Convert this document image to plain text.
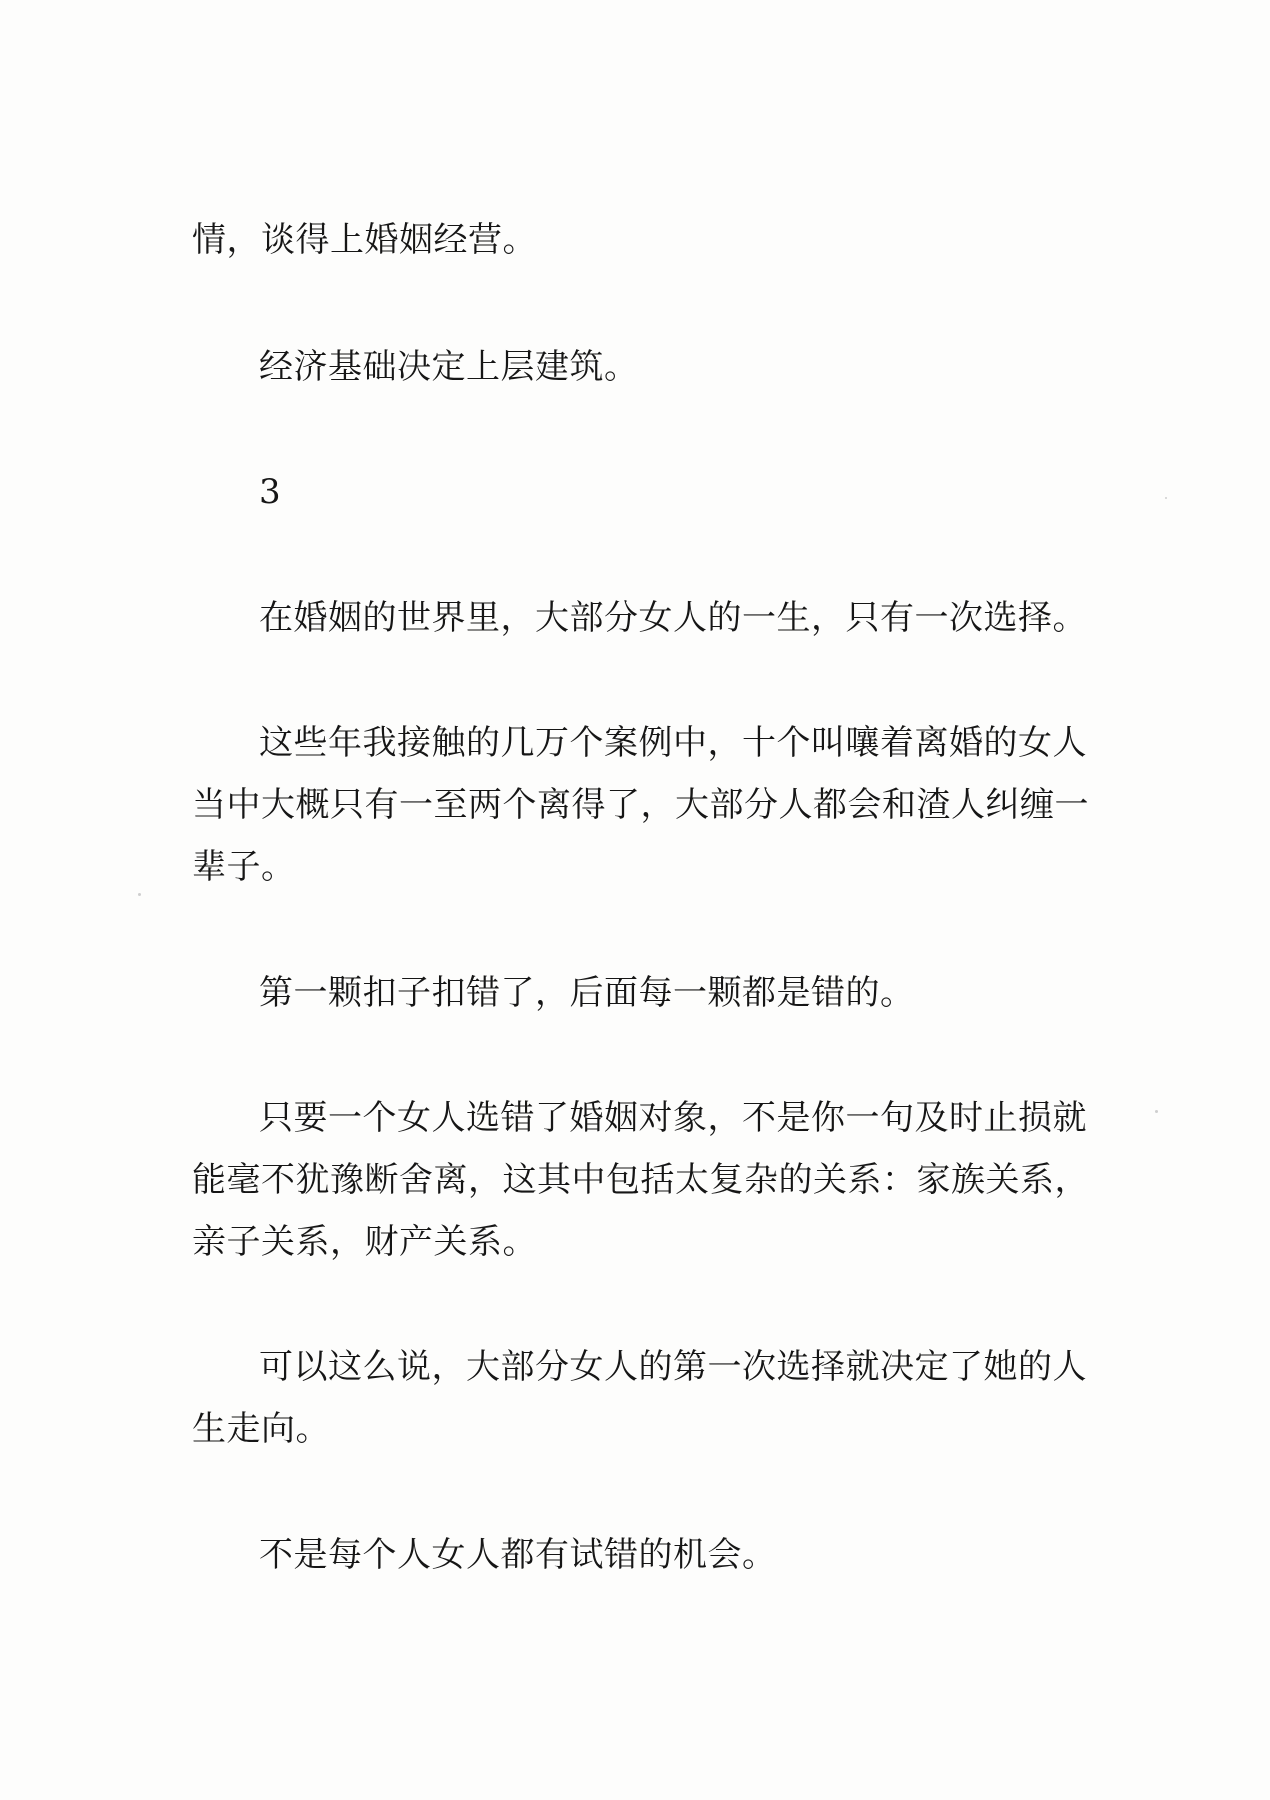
情，谈得上婚姻经营。

经济基础决定上层建筑。

3

在婚姻的世界里，大部分女人的一生，只有一次选择。

这些年我接触的几万个案例中，十个叫嚷着离婚的女人

当中大概只有一至两个离得了，大部分人都会和渣人纠缠一

辈子。

第一颗扣子扣错了，后面每一颗都是错的。

只要一个女人选错了婚姻对象，不是你一句及时止损就

能毫不犹豫断舍离，这其中包括太复杂的关系：家族关系，

亲子关系，财产关系。

可以这么说，大部分女人的第一次选择就决定了她的人

生走向。

不是每个人女人都有试错的机会。
